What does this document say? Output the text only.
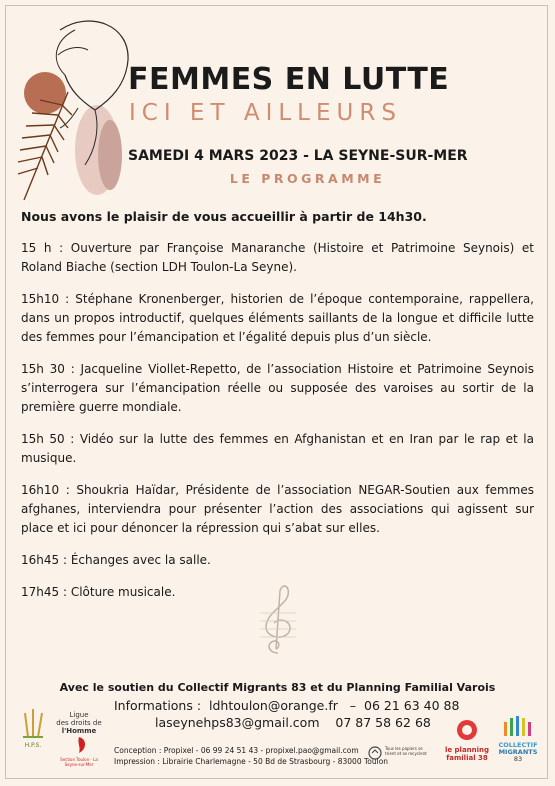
FEMMES EN LUTTE
ICI ET AILLEURS
SAMEDI 4 MARS 2023 - LA SEYNE-SUR-MER
LE PROGRAMME

Nous avons le plaisir de vous accueillir à partir de 14h30.

15 h : Ouverture par Françoise Manaranche (Histoire et Patrimoine Seynois) et Roland Biache (section LDH Toulon-La Seyne).

15h10 : Stéphane Kronenberger, historien de l’époque contemporaine, rappellera, dans un propos introductif, quelques éléments saillants de la longue et difficile lutte des femmes pour l’émancipation et l’égalité depuis plus d’un siècle.

15h 30 : Jacqueline Viollet-Repetto, de l’association Histoire et Patrimoine Seynois s’interrogera sur l’émancipation réelle ou supposée des varoises au sortir de la première guerre mondiale.

15h 50 : Vidéo sur la lutte des femmes en Afghanistan et en Iran par le rap et la musique.

16h10 : Shoukria Haïdar, Présidente de l’association NEGAR-Soutien aux femmes afghanes, interviendra pour présenter l’action des associations qui agissent sur place et ici pour dénoncer la répression qui s’abat sur elles.

16h45 : Échanges avec la salle.

17h45 : Clôture musicale.

Avec le soutien du Collectif Migrants 83 et du Planning Familial Varois
Informations : ldhtoulon@orange.fr   –  06 21 63 40 88
laseynehps83@gmail.com 07 87 58 62 68
Conception : Propixel - 06 99 24 51 43 - propixel.pao@gmail.com
Impression : Librairie Charlemagne - 50 Bd de Strasbourg - 83000 Toulon
H.P.S.
Ligue
des droits de
l'Homme
Section Toulon - La Seyne-sur-Mer
Tous les papiers se trient et se recyclent	le planning
familial 38
COLLECTIF
MIGRANTS
83
